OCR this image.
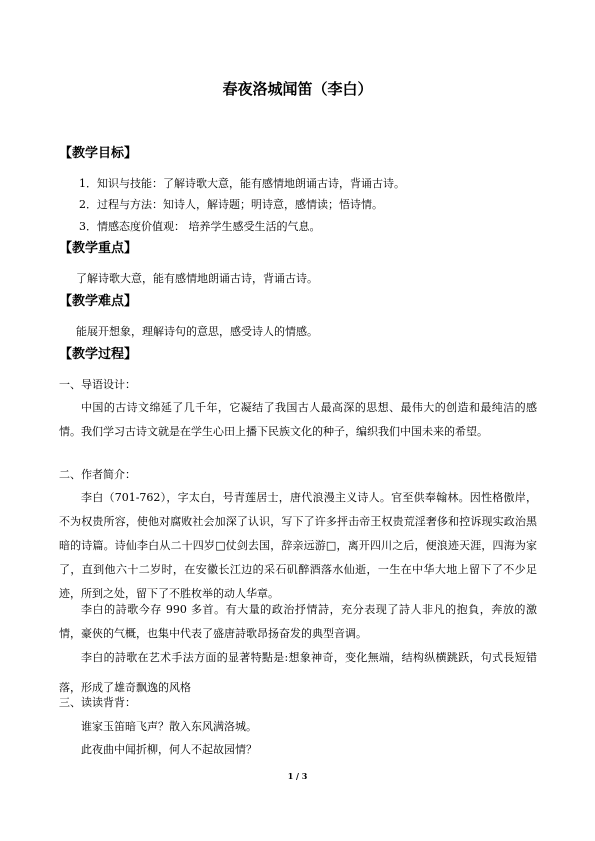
春夜洛城闻笛（李白）
【教学目标】
1．知识与技能：了解诗歌大意，能有感情地朗诵古诗，背诵古诗。
2．过程与方法：知诗人，解诗题；明诗意，感情读；悟诗情。
3．情感态度价值观： 培养学生感受生活的气息。
【教学重点】
了解诗歌大意，能有感情地朗诵古诗，背诵古诗。
【教学难点】
能展开想象，理解诗句的意思，感受诗人的情感。
【教学过程】
一、导语设计：
中国的古诗文绵延了几千年，它凝结了我国古人最高深的思想、最伟大的创造和最纯洁的感情。我们学习古诗文就是在学生心田上播下民族文化的种子，编织我们中国未来的希望。
二、作者简介：
李白（701-762），字太白，号青莲居士，唐代浪漫主义诗人。官至供奉翰林。因性格傲岸，不为权贵所容，使他对腐败社会加深了认识，写下了许多抨击帝王权贵荒淫奢侈和控诉现实政治黑暗的诗篇。诗仙李白从二十四岁□仗剑去国，辞亲远游□，离开四川之后，便浪迹天涯，四海为家了，直到他六十二岁时，在安徽长江边的采石矶醉酒落水仙逝，一生在中华大地上留下了不少足迹，所到之处，留下了不胜枚举的动人华章。
李白的詩歌今存 990 多首。有大量的政治抒情詩，充分表现了詩人非凡的抱負，奔放的激情，豪俠的气概，也集中代表了盛唐詩歌昂扬奋发的典型音调。
李白的詩歌在艺术手法方面的显著特點是:想象神奇，变化無端，结构纵横跳跃，句式長短错落，形成了雄奇飘逸的风格
三、读读背背：
谁家玉笛暗飞声？散入东风满洛城。
此夜曲中闻折柳，何人不起故园情？
1 / 3
